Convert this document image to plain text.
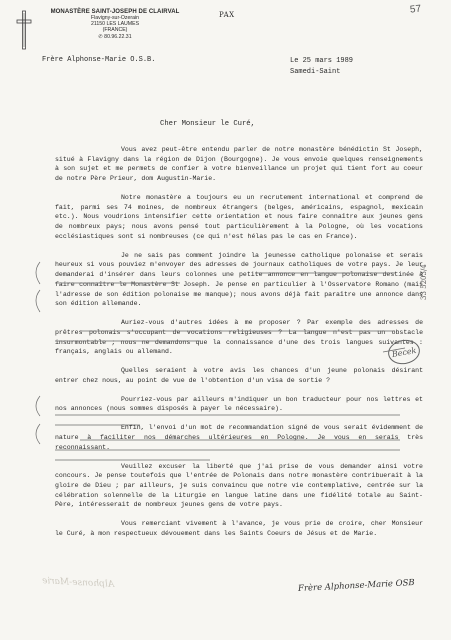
MONASTÈRE SAINT-JOSEPH DE CLAIRVAL
Flavigny-sur-Ozerain
21150 LES LAUMES
(FRANCE)
✆ 80.96.22.31
PAX	57
Frère Alphonse-Marie O.S.B.	Le 25 mars 1989
Samedi-Saint
Cher Monsieur le Curé,

Vous avez peut-être entendu parler de notre monastère bénédictin St Joseph, situé à Flavigny dans la région de Dijon (Bourgogne). Je vous envoie quelques renseignements à son sujet et me permets de confier à votre bienveillance un projet qui tient fort au coeur de notre Père Prieur, dom Augustin-Marie.

Notre monastère a toujours eu un recrutement international et comprend de fait, parmi ses 74 moines, de nombreux étrangers (belges, américains, espagnol, mexicain etc.). Nous voudrions intensifier cette orientation et nous faire connaître aux jeunes gens de nombreux pays; nous avons pensé tout particulièrement à la Pologne, où les vocations ecclésiastiques sont si nombreuses (ce qui n'est hélas pas le cas en France).

Je ne sais pas comment joindre la jeunesse catholique polonaise et serais heureux si vous pouviez m'envoyer des adresses de journaux catholiques de votre pays. Je leur demanderai d'insérer dans leurs colonnes une petite annonce en langue polonaise destinée à faire connaître le Monastère St Joseph. Je pense en particulier à l'Osservatore Romano (mais l'adresse de son édition polonaise me manque); nous avons déjà fait paraître une annonce dans son édition allemande.

Auriez-vous d'autres idées à me proposer ? Par exemple des adresses de prêtres polonais s'occupant de vocations religieuses ? La langue n'est pas un obstacle insurmontable ; nous ne demandons que la connaissance d'une des trois langues suivantes : français, anglais ou allemand.

Quelles seraient à votre avis les chances d'un jeune polonais désirant entrer chez nous, au point de vue de l'obtention d'un visa de sortie ?

Pourriez-vous par ailleurs m'indiquer un bon traducteur pour nos lettres et nos annonces (nous sommes disposés à payer le nécessaire).

Enfin, l'envoi d'un mot de recommandation signé de vous serait évidemment de nature à faciliter nos démarches ultérieures en Pologne. Je vous en serais très reconnaissant.

Veuillez excuser la liberté que j'ai prise de vous demander ainsi votre concours. Je pense toutefois que l'entrée de Polonais dans notre monastère contribuerait à la gloire de Dieu ; par ailleurs, je suis convaincu que notre vie contemplative, centrée sur la célébration solennelle de la Liturgie en langue latine dans une fidélité totale au Saint-Père, intéresserait de nombreux jeunes gens de votre pays.

Vous remerciant vivement à l'avance, je vous prie de croire, cher Monsieur le Curé, à mon respectueux dévouement dans les Saints Coeurs de Jésus et de Marie.

Alphonse-Marie	Frère Alphonse-Marie OSB
Becek
33 5203/4
